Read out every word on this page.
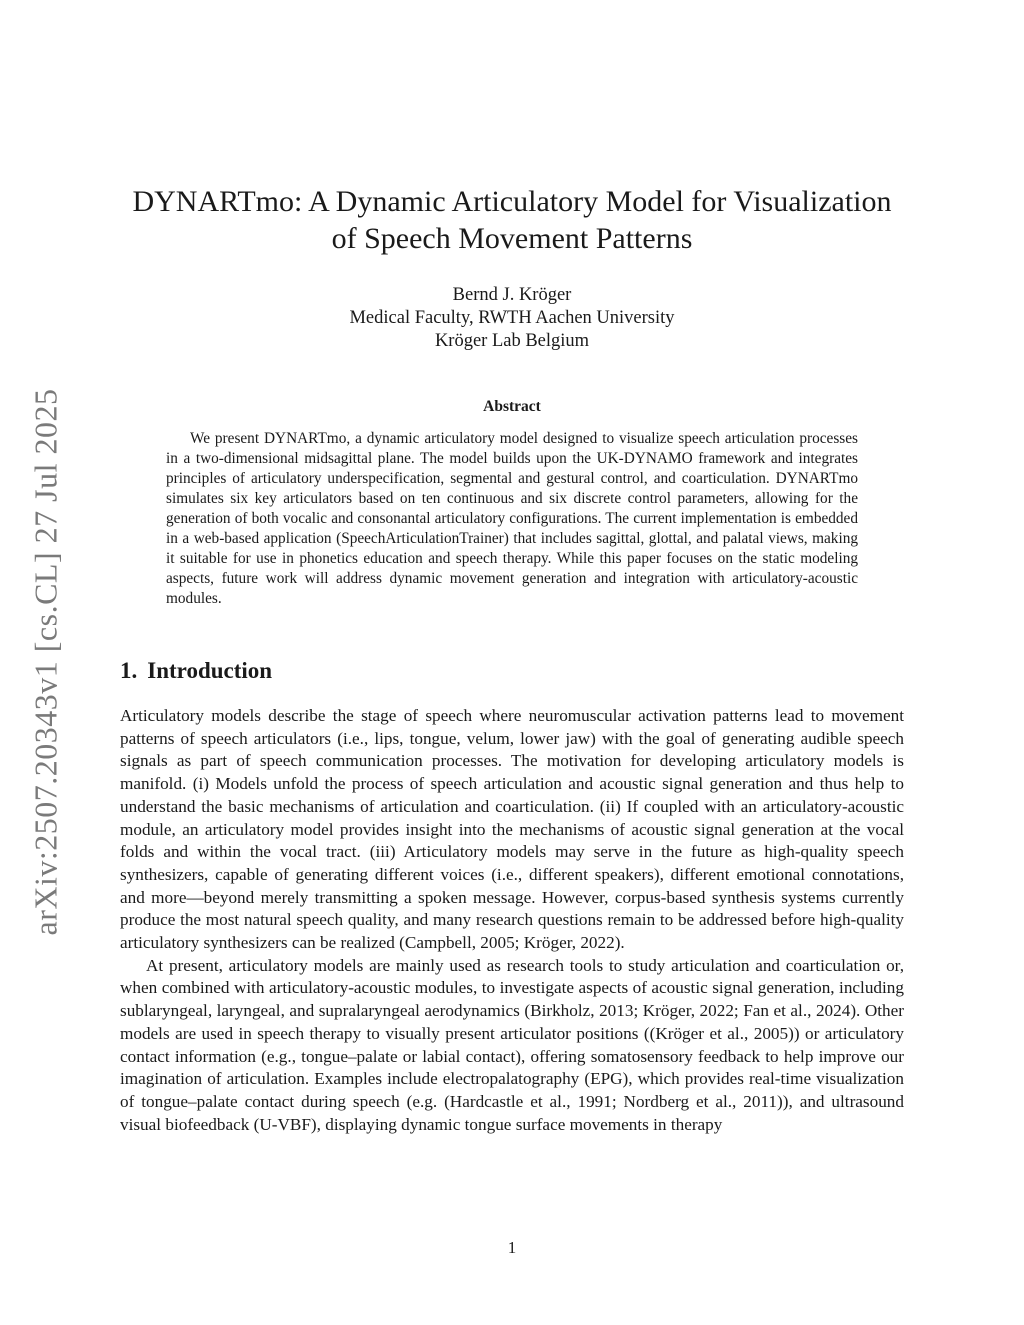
arXiv:2507.20343v1 [cs.CL] 27 Jul 2025
DYNARTmo: A Dynamic Articulatory Model for Visualization of Speech Movement Patterns
Bernd J. Kröger
Medical Faculty, RWTH Aachen University
Kröger Lab Belgium
Abstract

We present DYNARTmo, a dynamic articulatory model designed to visualize speech articulation processes in a two-dimensional midsagittal plane. The model builds upon the UK-DYNAMO framework and integrates principles of articulatory underspecification, segmental and gestural control, and coarticulation. DYNARTmo simulates six key articulators based on ten continuous and six discrete control parameters, allowing for the generation of both vocalic and consonantal articulatory configurations. The current implementation is embedded in a web-based application (SpeechArticulationTrainer) that includes sagittal, glottal, and palatal views, making it suitable for use in phonetics education and speech therapy. While this paper focuses on the static modeling aspects, future work will address dynamic movement generation and integration with articulatory-acoustic modules.

1. Introduction

Articulatory models describe the stage of speech where neuromuscular activation patterns lead to movement patterns of speech articulators (i.e., lips, tongue, velum, lower jaw) with the goal of generating audible speech signals as part of speech communication processes. The motivation for developing articulatory models is manifold. (i) Models unfold the process of speech articulation and acoustic signal generation and thus help to understand the basic mechanisms of articulation and coarticulation. (ii) If coupled with an articulatory-acoustic module, an articulatory model provides insight into the mechanisms of acoustic signal generation at the vocal folds and within the vocal tract. (iii) Articulatory models may serve in the future as high-quality speech synthesizers, capable of generating different voices (i.e., different speakers), different emotional connotations, and more—beyond merely transmitting a spoken message. However, corpus-based synthesis systems currently produce the most natural speech quality, and many research questions remain to be addressed before high-quality articulatory synthesizers can be realized (Campbell, 2005; Kröger, 2022).

At present, articulatory models are mainly used as research tools to study articulation and coarticulation or, when combined with articulatory-acoustic modules, to investigate aspects of acoustic signal generation, including sublaryngeal, laryngeal, and supralaryngeal aerodynamics (Birkholz, 2013; Kröger, 2022; Fan et al., 2024). Other models are used in speech therapy to visually present articulator positions ((Kröger et al., 2005)) or articulatory contact information (e.g., tongue–palate or labial contact), offering somatosensory feedback to help improve our imagination of articulation. Examples include electropalatography (EPG), which provides real-time visualization of tongue–palate contact during speech (e.g. (Hardcastle et al., 1991; Nordberg et al., 2011)), and ultrasound visual biofeedback (U-VBF), displaying dynamic tongue surface movements in therapy

1
